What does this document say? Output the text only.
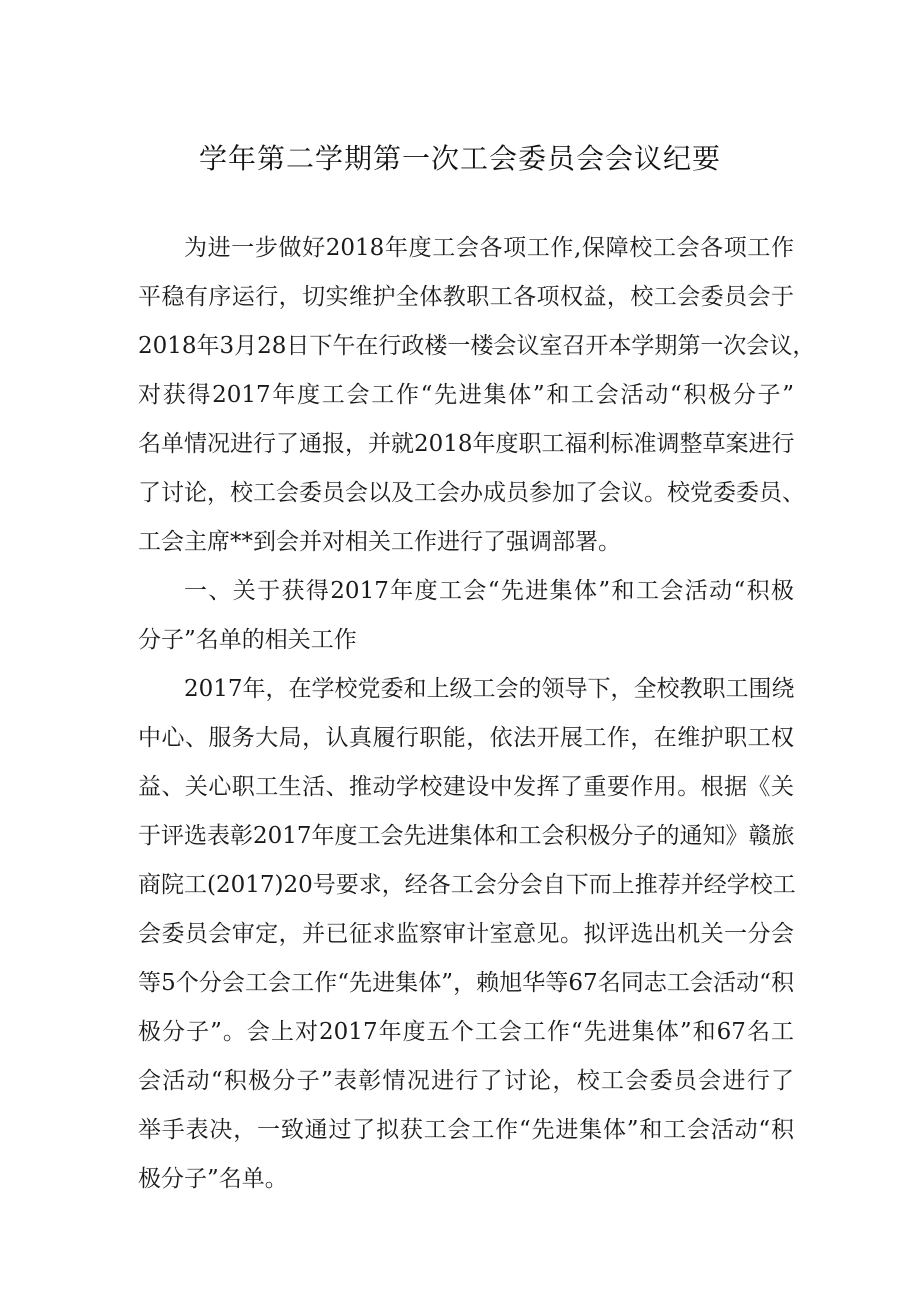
学年第二学期第一次工会委员会会议纪要
为进一步做好2018年度工会各项工作,保障校工会各项工作
平稳有序运行，切实维护全体教职工各项权益，校工会委员会于
2018年3月28日下午在行政楼一楼会议室召开本学期第一次会议，
对获得2017年度工会工作“先进集体”和工会活动“积极分子”
名单情况进行了通报，并就2018年度职工福利标准调整草案进行
了讨论，校工会委员会以及工会办成员参加了会议。校党委委员、
工会主席**到会并对相关工作进行了强调部署。
一、关于获得2017年度工会“先进集体”和工会活动“积极
分子”名单的相关工作
2017年，在学校党委和上级工会的领导下，全校教职工围绕
中心、服务大局，认真履行职能，依法开展工作，在维护职工权
益、关心职工生活、推动学校建设中发挥了重要作用。根据《关
于评选表彰2017年度工会先进集体和工会积极分子的通知》赣旅
商院工(2017)20号要求，经各工会分会自下而上推荐并经学校工
会委员会审定，并已征求监察审计室意见。拟评选出机关一分会
等5个分会工会工作“先进集体”，赖旭华等67名同志工会活动“积
极分子”。会上对2017年度五个工会工作“先进集体”和67名工
会活动“积极分子”表彰情况进行了讨论，校工会委员会进行了
举手表决，一致通过了拟获工会工作“先进集体”和工会活动“积
极分子”名单。
